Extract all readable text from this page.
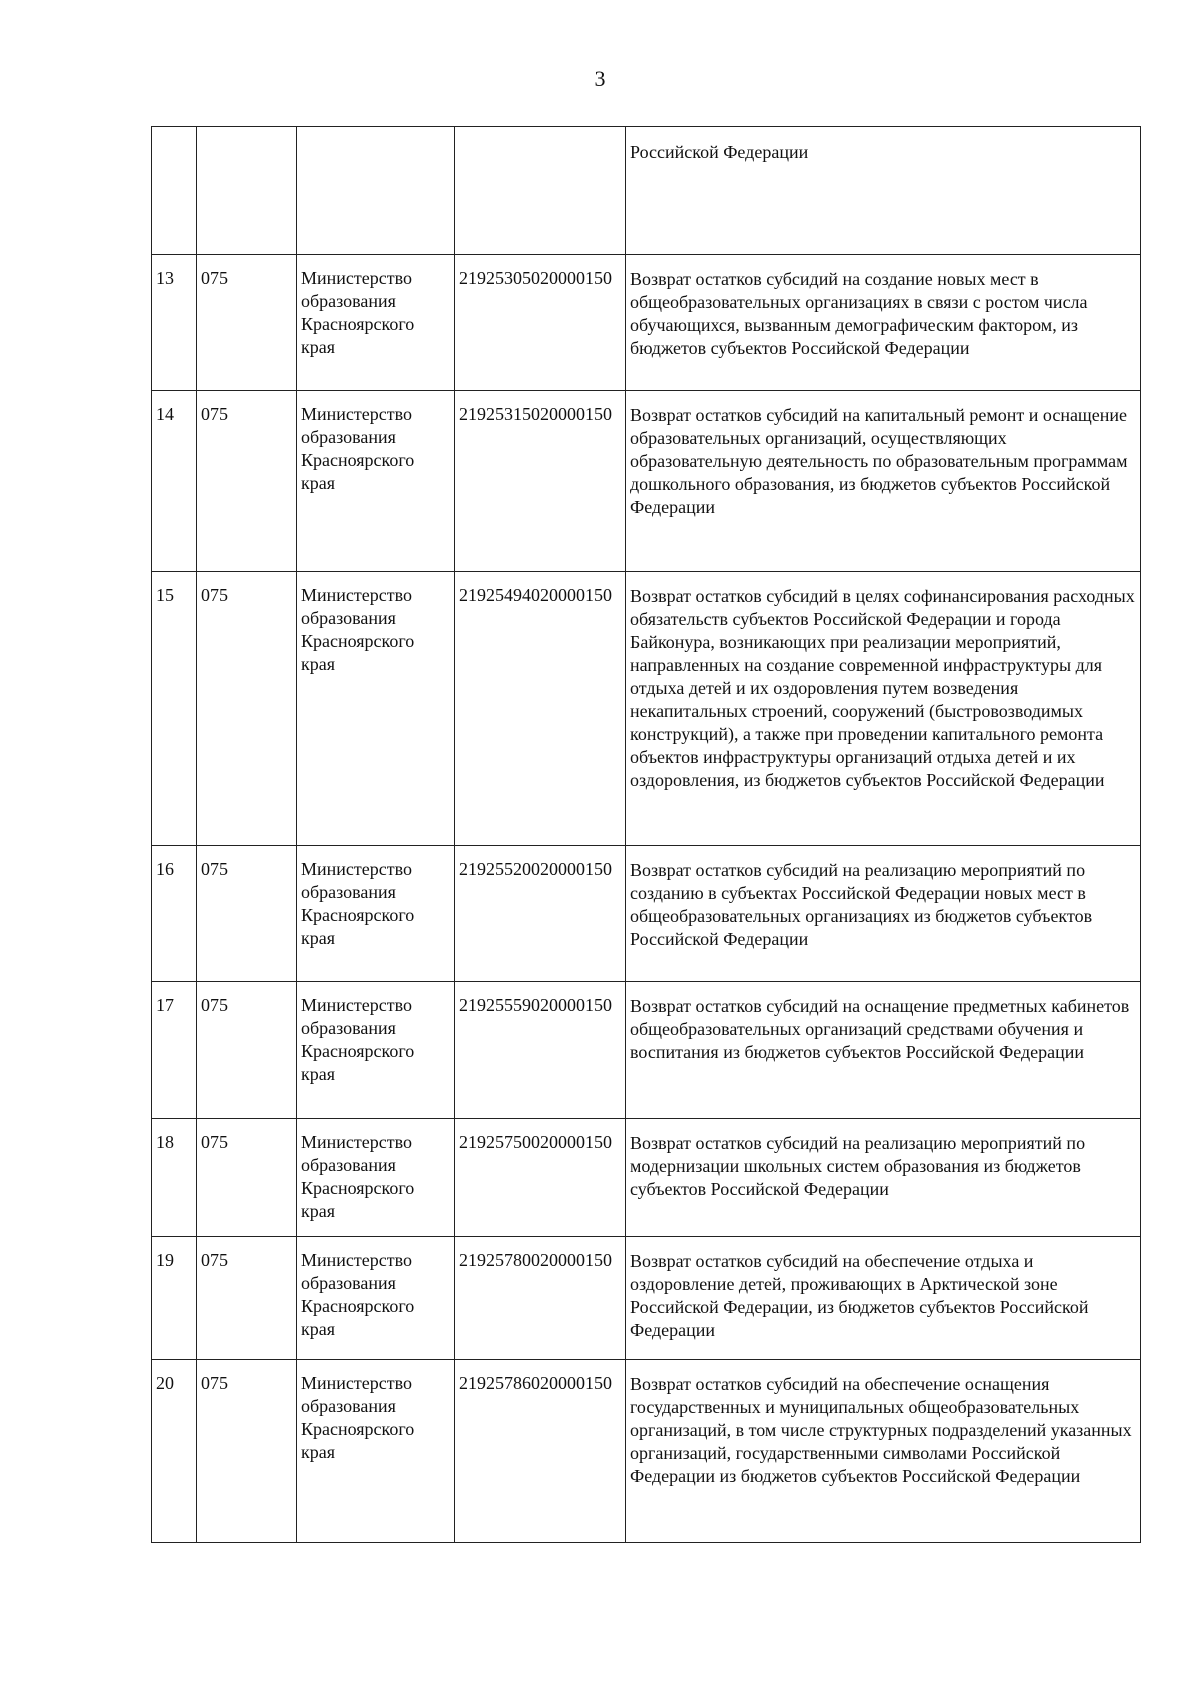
3
				Российской Федерации
13	075	Министерство образования Красноярского края	21925305020000150	Возврат остатков субсидий на создание новых мест в общеобразовательных организациях в связи с ростом числа обучающихся, вызванным демографическим фактором, из бюджетов субъектов Российской Федерации
14	075	Министерство образования Красноярского края	21925315020000150	Возврат остатков субсидий на капитальный ремонт и оснащение образовательных организаций, осуществляющих образовательную деятельность по образовательным программам дошкольного образования, из бюджетов субъектов Российской Федерации
15	075	Министерство образования Красноярского края	21925494020000150	Возврат остатков субсидий в целях софинансирования расходных обязательств субъектов Российской Федерации и города Байконура, возникающих при реализации мероприятий, направленных на создание современной инфраструктуры для отдыха детей и их оздоровления путем возведения некапитальных строений, сооружений (быстровозводимых конструкций), а также при проведении капитального ремонта объектов инфраструктуры организаций отдыха детей и их оздоровления, из бюджетов субъектов Российской Федерации
16	075	Министерство образования Красноярского края	21925520020000150	Возврат остатков субсидий на реализацию мероприятий по созданию в субъектах Российской Федерации новых мест в общеобразовательных организациях из бюджетов субъектов Российской Федерации
17	075	Министерство образования Красноярского края	21925559020000150	Возврат остатков субсидий на оснащение предметных кабинетов общеобразовательных организаций средствами обучения и воспитания из бюджетов субъектов Российской Федерации
18	075	Министерство образования Красноярского края	21925750020000150	Возврат остатков субсидий на реализацию мероприятий по модернизации школьных систем образования из бюджетов субъектов Российской Федерации
19	075	Министерство образования Красноярского края	21925780020000150	Возврат остатков субсидий на обеспечение отдыха и оздоровление детей, проживающих в Арктической зоне Российской Федерации, из бюджетов субъектов Российской Федерации
20	075	Министерство образования Красноярского края	21925786020000150	Возврат остатков субсидий на обеспечение оснащения государственных и муниципальных общеобразовательных организаций, в том числе структурных подразделений указанных организаций, государственными символами Российской Федерации из бюджетов субъектов Российской Федерации
